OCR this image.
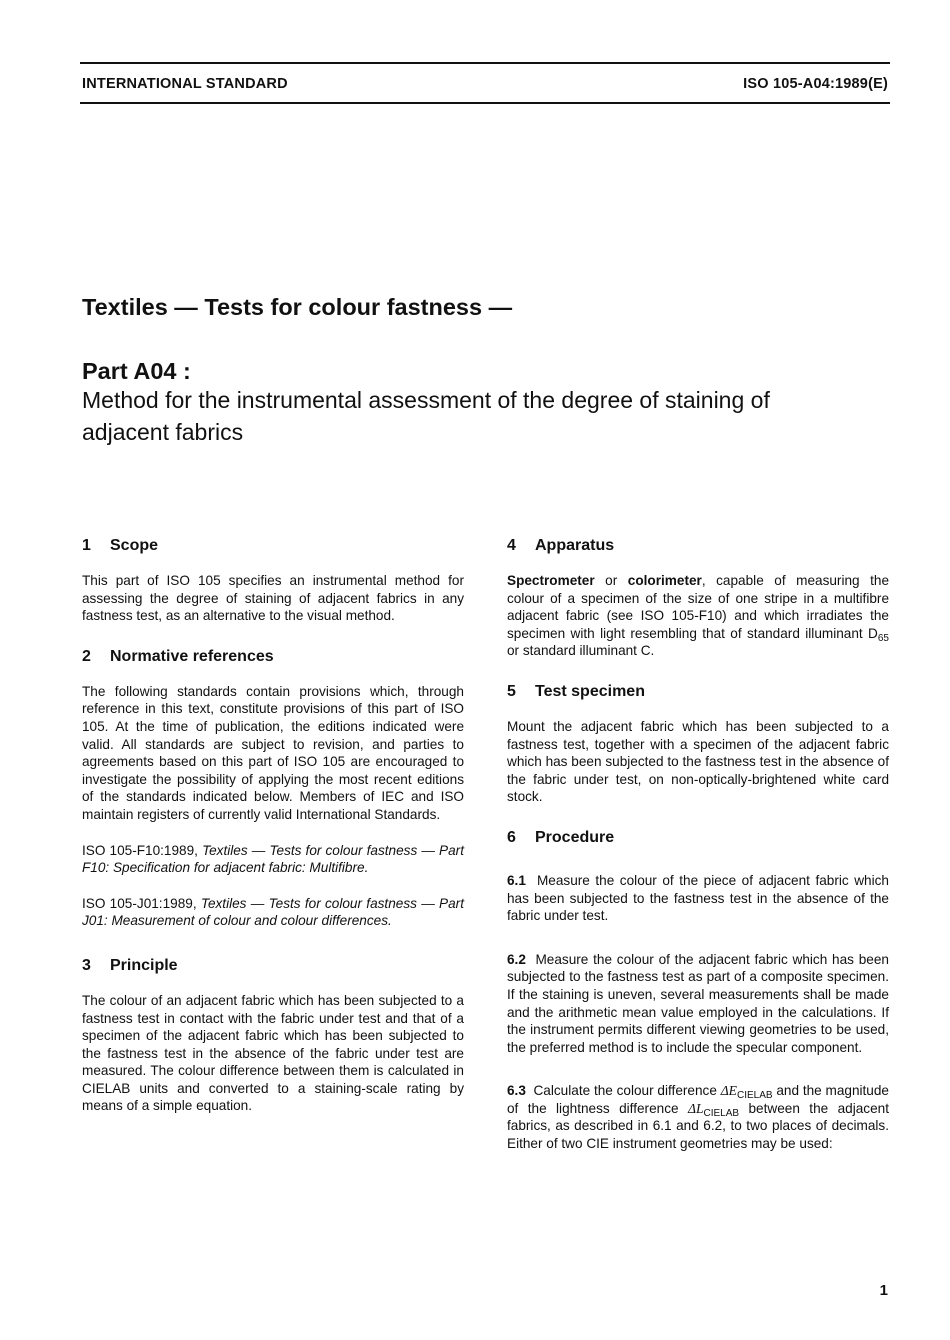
INTERNATIONAL STANDARD	ISO 105-A04:1989(E)
Textiles — Tests for colour fastness —
Part A04 :
Method for the instrumental assessment of the degree of staining of adjacent fabrics
1 Scope

This part of ISO 105 specifies an instrumental method for assessing the degree of staining of adjacent fabrics in any fastness test, as an alternative to the visual method.

2 Normative references

The following standards contain provisions which, through reference in this text, constitute provisions of this part of ISO 105. At the time of publication, the editions indicated were valid. All standards are subject to revision, and parties to agreements based on this part of ISO 105 are encouraged to investigate the possibility of applying the most recent editions of the standards indicated below. Members of IEC and ISO maintain registers of currently valid International Standards.

ISO 105-F10:1989, Textiles — Tests for colour fastness — Part F10: Specification for adjacent fabric: Multifibre.

ISO 105-J01:1989, Textiles — Tests for colour fastness — Part J01: Measurement of colour and colour differences.

3 Principle

The colour of an adjacent fabric which has been subjected to a fastness test in contact with the fabric under test and that of a specimen of the adjacent fabric which has been subjected to the fastness test in the absence of the fabric under test are measured. The colour difference between them is calculated in CIELAB units and converted to a staining-scale rating by means of a simple equation.

4 Apparatus

Spectrometer or colorimeter, capable of measuring the colour of a specimen of the size of one stripe in a multifibre adjacent fabric (see ISO 105-F10) and which irradiates the specimen with light resembling that of standard illuminant $D_{65}$ or standard illuminant C.

5 Test specimen

Mount the adjacent fabric which has been subjected to a fastness test, together with a specimen of the adjacent fabric which has been subjected to the fastness test in the absence of the fabric under test, on non-optically-brightened white card stock.

6 Procedure

6.1 Measure the colour of the piece of adjacent fabric which has been subjected to the fastness test in the absence of the fabric under test.

6.2 Measure the colour of the adjacent fabric which has been subjected to the fastness test as part of a composite specimen. If the staining is uneven, several measurements shall be made and the arithmetic mean value employed in the calculations. If the instrument permits different viewing geometries to be used, the preferred method is to include the specular component.

6.3 Calculate the colour difference $\Delta E_{CIELAB}$ and the magnitude of the lightness difference $\Delta L_{CIELAB}$ between the adjacent fabrics, as described in 6.1 and 6.2, to two places of decimals. Either of two CIE instrument geometries may be used:

1
